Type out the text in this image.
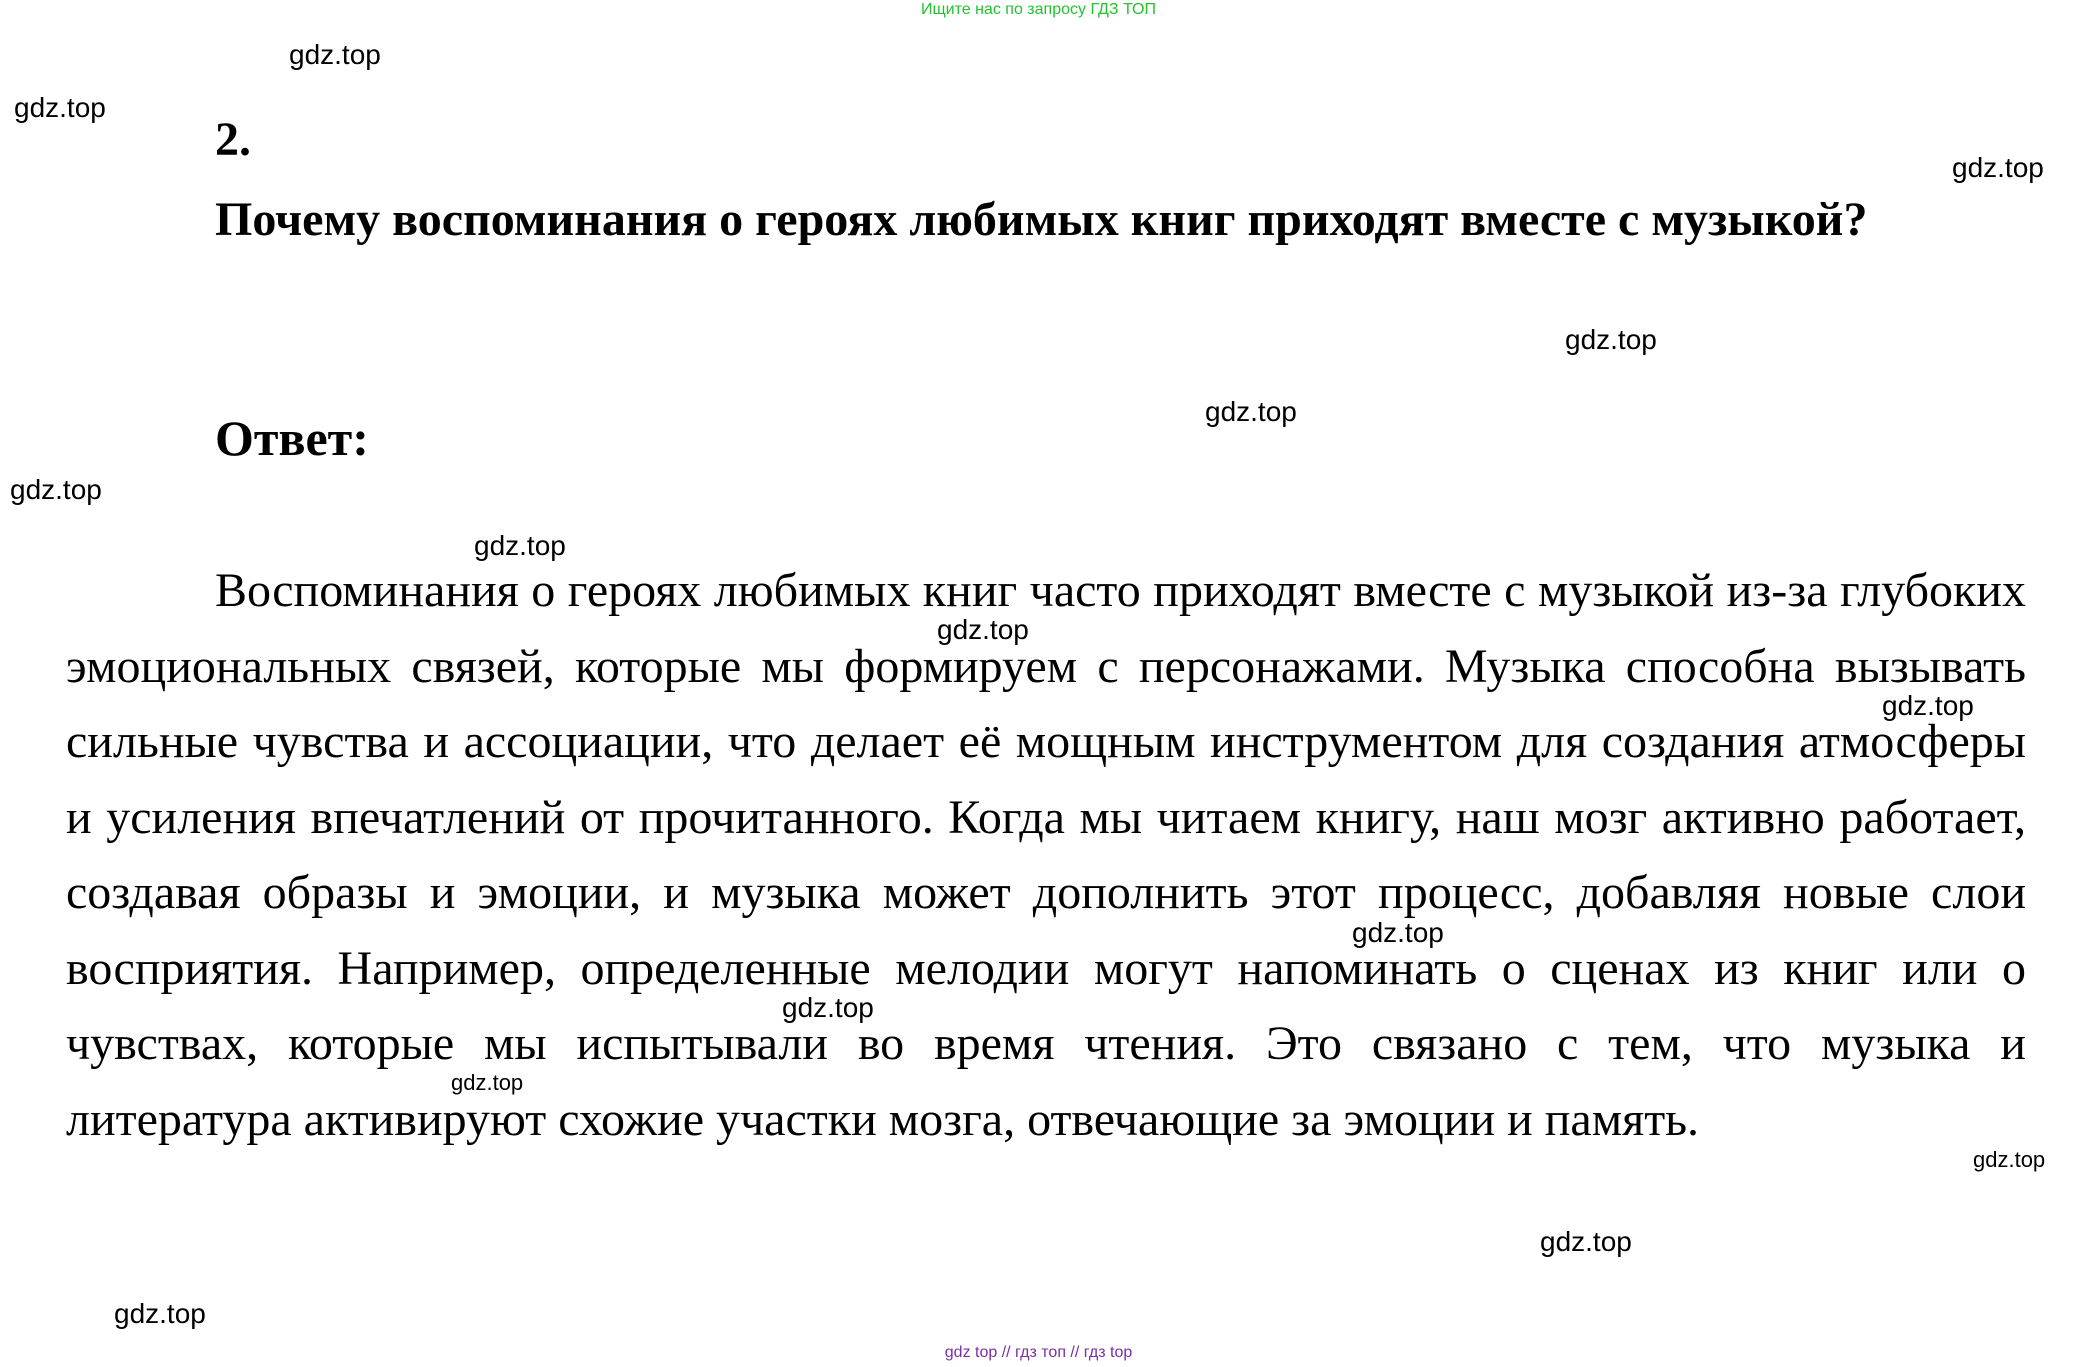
Ищите нас по запросу ГДЗ ТОП
2.
Почему воспоминания о героях любимых книг приходят вместе с музыкой?
Ответ:
Воспоминания о героях любимых книг часто приходят вместе с музыкой из-за глубоких эмоциональных связей, которые мы формируем с персонажами. Музыка способна вызывать сильные чувства и ассоциации, что делает её мощным инструментом для создания атмосферы и усиления впечатлений от прочитанного. Когда мы читаем книгу, наш мозг активно работает, создавая образы и эмоции, и музыка может дополнить этот процесс, добавляя новые слои восприятия. Например, определенные мелодии могут напоминать о сценах из книг или о чувствах, которые мы испытывали во время чтения. Это связано с тем, что музыка и литература активируют схожие участки мозга, отвечающие за эмоции и память.
gdz.top
gdz.top
gdz.top
gdz.top
gdz.top
gdz.top
gdz.top
gdz.top
gdz.top
gdz.top
gdz.top
gdz.top
gdz.top
gdz.top
gdz.top
gdz top // гдз топ // гдз top
